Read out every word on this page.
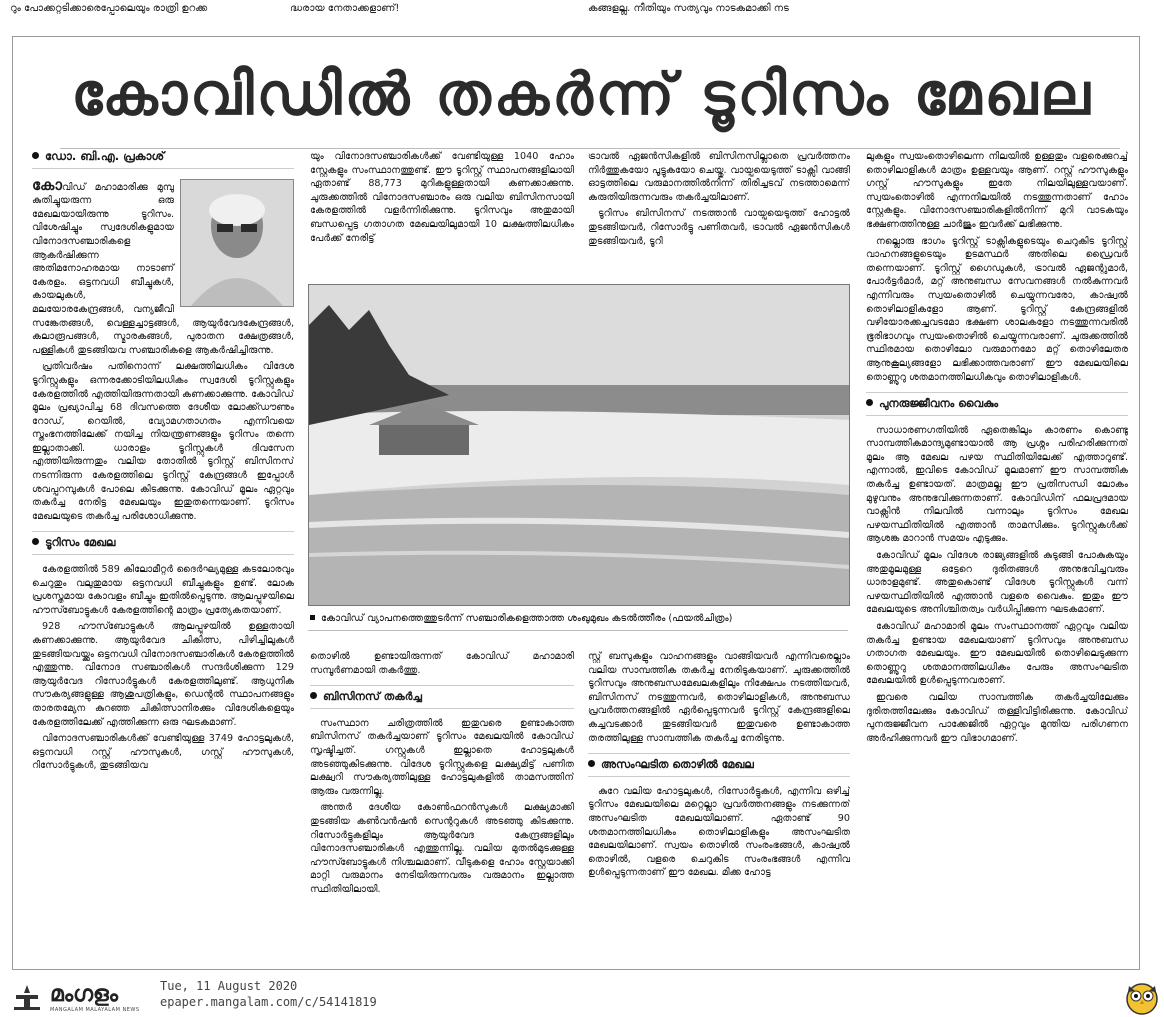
റും പോക്കറ്റടിക്കാരെപ്പോലെയും രാത്രി ഉറക്ക	ദ്ധരായ നേതാക്കളാണ്!	കങ്ങളല്ല. നീതിയും സത്യവും നാടകമാക്കി നട
കോവിഡിൽ തകർന്ന് ടൂറിസം മേഖല
ഡോ. ബി.എ. പ്രകാശ്

കോവിഡ് മഹാമാരിക്കു മുമ്പു കുതിച്ചുയരുന്ന ഒരു മേഖലയായിരുന്നു ടൂറിസം. വിശേഷിച്ചും സ്വദേശികളുമായ വിനോദസഞ്ചാരികളെ ആകർഷിക്കുന്ന അതിമനോഹരമായ നാടാണ് കേരളം. ഒട്ടനവധി ബീച്ചുകൾ, കായലുകൾ, മലയോരകേന്ദ്രങ്ങൾ, വന്യജീവി സങ്കേതങ്ങൾ, വെള്ളച്ചാട്ടങ്ങൾ, ആയുർവേദകേന്ദ്രങ്ങൾ, കലാരൂപങ്ങൾ, സ്മാരകങ്ങൾ, പുരാതന ക്ഷേത്രങ്ങൾ, പള്ളികൾ തുടങ്ങിയവ സഞ്ചാരികളെ ആകർഷിച്ചിരുന്നു.

പ്രതിവർഷം പതിനൊന്ന് ലക്ഷത്തിലധികം വിദേശ ടൂറിസ്റ്റുകളും ഒന്നരക്കോടിയിലധികം സ്വദേശി ടൂറിസ്റ്റുകളും കേരളത്തിൽ എത്തിയിരുന്നതായി കണക്കാക്കുന്നു. കോവിഡ് മൂലം പ്രഖ്യാപിച്ച 68 ദിവസത്തെ ദേശീയ ലോക്ക്ഡൗണും റോഡ്, റെയിൽ, വ്യോമഗതാഗതം എന്നിവയെ സ്തംഭനത്തിലേക്ക് നയിച്ച നിയന്ത്രണങ്ങളും ടൂറിസം തന്നെ ഇല്ലാതാക്കി. ധാരാളം ടൂറിസ്റ്റുകൾ ദിവസേന എത്തിയിരുന്നതും വലിയ തോതിൽ ടൂറിസ്റ്റ് ബിസിനസ് നടന്നിരുന്ന കേരളത്തിലെ ടൂറിസ്റ്റ് കേന്ദ്രങ്ങൾ ഇപ്പോൾ ശവപ്പറമ്പുകൾ പോലെ കിടക്കുന്നു. കോവിഡ് മൂലം ഏറ്റവും തകർച്ച നേരിട്ട മേഖലയും ഇതുതന്നെയാണ്. ടൂറിസം മേഖലയുടെ തകർച്ച പരിശോധിക്കുന്നു.

ടൂറിസം മേഖല

കേരളത്തിൽ 589 കിലോമീറ്റർ ദൈർഘ്യമുള്ള കടലോരവും ചെറുതും വലുതുമായ ഒട്ടനവധി ബീച്ചുകളും ഉണ്ട്. ലോക പ്രശസ്തമായ കോവളം ബീച്ചും ഇതിൽപ്പെടുന്നു. ആലപ്പുഴയിലെ ഹൗസ്ബോട്ടുകൾ കേരളത്തിന്റെ മാത്രം പ്രത്യേകതയാണ്.

928 ഹൗസ്ബോട്ടുകൾ ആലപ്പുഴയിൽ ഉള്ളതായി കണക്കാക്കുന്നു. ആയുർവേദ ചികിത്സ, പിഴിച്ചിലുകൾ തുടങ്ങിയവയ്ക്കും ഒട്ടനവധി വിനോദസഞ്ചാരികൾ കേരളത്തിൽ എത്തുന്നു. വിനോദ സഞ്ചാരികൾ സന്ദർശിക്കുന്ന 129 ആയുർവേദ റിസോർട്ടുകൾ കേരളത്തിലുണ്ട്. ആധുനിക സൗകര്യങ്ങളുള്ള ആശുപത്രികളും, ഡെന്റൽ സ്ഥാപനങ്ങളും താരതമ്യേന കുറഞ്ഞ ചികിത്സാനിരക്കും വിദേശികളെയും കേരളത്തിലേക്ക് എത്തിക്കുന്ന ഒരു ഘടകമാണ്.

വിനോദസഞ്ചാരികൾക്ക് വേണ്ടിയുള്ള 3749 ഹോട്ടലുകൾ, ഒട്ടനവധി റസ്റ്റ് ഹൗസുകൾ, ഗസ്റ്റ് ഹൗസുകൾ, റിസോർട്ടുകൾ, തുടങ്ങിയവ

യും വിനോദസഞ്ചാരികൾക്ക് വേണ്ടിയുള്ള 1040 ഹോം സ്റ്റേകളും സംസ്ഥാനത്തുണ്ട്. ഈ ടൂറിസ്റ്റ് സ്ഥാപനങ്ങളിലായി ഏതാണ്ട് 88,773 മുറികളുള്ളതായി കണക്കാക്കുന്നു. ചുരുക്കത്തിൽ വിനോദസഞ്ചാരം ഒരു വലിയ ബിസിനസായി കേരളത്തിൽ വളർന്നിരിക്കുന്നു. ടൂറിസവും അതുമായി ബന്ധപ്പെട്ട ഗതാഗത മേഖലയിലുമായി 10 ലക്ഷത്തിലധികം പേർക്ക് നേരിട്ട്

ട്രാവൽ ഏജൻസികളിൽ ബിസിനസില്ലാതെ പ്രവർത്തനം നിർത്തുകയോ പൂട്ടുകയോ ചെയ്തു. വായ്പയെടുത്ത് ടാക്സി വാങ്ങി ഓട്ടത്തിലെ വരുമാനത്തിൽനിന്ന് തിരിച്ചടവ് നടത്താമെന്ന് കരുതിയിരുന്നവരും തകർച്ചയിലാണ്.

ടൂറിസം ബിസിനസ് നടത്താൻ വായ്പയെടുത്ത് ഹോട്ടൽ തുടങ്ങിയവർ, റിസോർട്ടു പണിതവർ, ട്രാവൽ ഏജൻസികൾ തുടങ്ങിയവർ, ടൂറി

കോവിഡ് വ്യാപനത്തെത്തുടർന്ന് സഞ്ചാരികളെത്താത്ത ശംഖുമുഖം കടൽത്തീരം (ഫയൽചിത്രം)

തൊഴിൽ ഉണ്ടായിരുന്നത് കോവിഡ് മഹാമാരി സമ്പൂർണമായി തകർത്തു.

ബിസിനസ് തകർച്ച

സംസ്ഥാന ചരിത്രത്തിൽ ഇതുവരെ ഉണ്ടാകാത്ത ബിസിനസ് തകർച്ചയാണ് ടൂറിസം മേഖലയിൽ കോവിഡ് സൃഷ്ടിച്ചത്. ഗസ്റ്റുകൾ ഇല്ലാതെ ഹോട്ടലുകൾ അടഞ്ഞുകിടക്കുന്നു. വിദേശ ടൂറിസ്റ്റുകളെ ലക്ഷ്യമിട്ട് പണിത ലക്ഷ്വറി സൗകര്യത്തിലുള്ള ഹോട്ടലുകളിൽ താമസത്തിന് ആരും വരുന്നില്ല.

അന്തർ ദേശീയ കോൺഫറൻസുകൾ ലക്ഷ്യമാക്കി തുടങ്ങിയ കൺവൻഷൻ സെന്ററുകൾ അടഞ്ഞു കിടക്കുന്നു. റിസോർട്ടുകളിലും ആയുർവേദ കേന്ദ്രങ്ങളിലും വിനോദസഞ്ചാരികൾ എത്തുന്നില്ല. വലിയ മുതൽമുടക്കുള്ള ഹൗസ്ബോട്ടുകൾ നിശ്ചലമാണ്. വീടുകളെ ഹോം സ്റ്റേയാക്കി മാറ്റി വരുമാനം നേടിയിരുന്നവരും വരുമാനം ഇല്ലാത്ത സ്ഥിതിയിലായി.

സ്റ്റ് ബസുകളും വാഹനങ്ങളും വാങ്ങിയവർ എന്നിവരെല്ലാം വലിയ സാമ്പത്തിക തകർച്ച നേരിടുകയാണ്. ചുരുക്കത്തിൽ ടൂറിസവും അനുബന്ധമേഖലകളിലും നിക്ഷേപം നടത്തിയവർ, ബിസിനസ് നടത്തുന്നവർ, തൊഴിലാളികൾ, അനുബന്ധ പ്രവർത്തനങ്ങളിൽ ഏർപ്പെടുന്നവർ ടൂറിസ്റ്റ് കേന്ദ്രങ്ങളിലെ കച്ചവടക്കാർ തുടങ്ങിയവർ ഇതുവരെ ഉണ്ടാകാത്ത തരത്തിലുള്ള സാമ്പത്തിക തകർച്ച നേരിടുന്നു.

അസംഘടിത തൊഴിൽ മേഖല

കുറേ വലിയ ഹോട്ടലുകൾ, റിസോർട്ടുകൾ, എന്നിവ ഒഴിച്ച് ടൂറിസം മേഖലയിലെ മറ്റെല്ലാ പ്രവർത്തനങ്ങളും നടക്കുന്നത് അസംഘടിത മേഖലയിലാണ്. ഏതാണ്ട് 90 ശതമാനത്തിലധികം തൊഴിലാളികളും അസംഘടിത മേഖലയിലാണ്. സ്വയം തൊഴിൽ സംരംഭങ്ങൾ, കാഷ്വൽ തൊഴിൽ, വളരെ ചെറുകിട സംരംഭങ്ങൾ എന്നിവ ഉൾപ്പെടുന്നതാണ് ഈ മേഖല. മിക്ക ഹോട്ട

ലുകളും സ്വയംതൊഴിലെന്ന നിലയിൽ ഉള്ളതും വളരെക്കുറച്ച് തൊഴിലാളികൾ മാത്രം ഉള്ളവയും ആണ്. റസ്റ്റ് ഹൗസുകളും ഗസ്റ്റ് ഹൗസുകളും ഇതേ നിലയിലുള്ളവയാണ്. സ്വയംതൊഴിൽ എന്നനിലയിൽ നടത്തുന്നതാണ് ഹോം സ്റ്റേകളും. വിനോദസഞ്ചാരികളിൽനിന്ന് മുറി വാടകയും ഭക്ഷണത്തിനുള്ള ചാർജും ഇവർക്ക് ലഭിക്കുന്നു.

നല്ലൊരു ഭാഗം ടൂറിസ്റ്റ് ടാക്സികളുടെയും ചെറുകിട ടൂറിസ്റ്റ് വാഹനങ്ങളുടെയും ഉടമസ്ഥർ അതിലെ ഡ്രൈവർ തന്നെയാണ്. ടൂറിസ്റ്റ് ഗൈഡുകൾ, ട്രാവൽ ഏജന്റുമാർ, പോർട്ടർമാർ, മറ്റ് അനുബന്ധ സേവനങ്ങൾ നൽകുന്നവർ എന്നിവരും സ്വയംതൊഴിൽ ചെയ്യുന്നവരോ, കാഷ്വൽ തൊഴിലാളികളോ ആണ്. ടൂറിസ്റ്റ് കേന്ദ്രങ്ങളിൽ വഴിയോരക്കച്ചവടമോ ഭക്ഷണ ശാലകളോ നടത്തുന്നവരിൽ ഭൂരിഭാഗവും സ്വയംതൊഴിൽ ചെയ്യുന്നവരാണ്. ചുരുക്കത്തിൽ സ്ഥിരമായ തൊഴിലോ വരുമാനമോ മറ്റ് തൊഴിലേതര ആനുകൂല്യങ്ങളോ ലഭിക്കാത്തവരാണ് ഈ മേഖലയിലെ തൊണ്ണൂറു ശതമാനത്തിലധികവും തൊഴിലാളികൾ.

പുനരുജ്ജീവനം വൈകും

സാധാരണഗതിയിൽ ഏതെങ്കിലും കാരണം കൊണ്ടു സാമ്പത്തികമാന്ദ്യമുണ്ടായാൽ ആ പ്രശ്നം പരിഹരിക്കുന്നത് മൂലം ആ മേഖല പഴയ സ്ഥിതിയിലേക്ക് എത്താറുണ്ട്. എന്നാൽ, ഇവിടെ കോവിഡ് മൂലമാണ് ഈ സാമ്പത്തിക തകർച്ച ഉണ്ടായത്. മാത്രമല്ല ഈ പ്രതിസന്ധി ലോകം മുഴുവനും അനുഭവിക്കുന്നതാണ്. കോവിഡിന് ഫലപ്രദമായ വാക്സിൻ നിലവിൽ വന്നാലും ടൂറിസം മേഖല പഴയസ്ഥിതിയിൽ എത്താൻ താമസിക്കും. ടൂറിസ്റ്റുകൾക്ക് ആശങ്ക മാറാൻ സമയം എടുക്കും.

കോവിഡ് മൂലം വിദേശ രാജ്യങ്ങളിൽ കുടുങ്ങി പോകുകയും അതുമൂലമുള്ള ഒട്ടേറെ ദുരിതങ്ങൾ അനുഭവിച്ചവരും ധാരാളമുണ്ട്. അതുകൊണ്ട് വിദേശ ടൂറിസ്റ്റുകൾ വന്ന് പഴയസ്ഥിതിയിൽ എത്താൻ വളരെ വൈകും. ഇതും ഈ മേഖലയുടെ അനിശ്ചിതത്വം വർധിപ്പിക്കുന്ന ഘടകമാണ്.

കോവിഡ് മഹാമാരി മൂലം സംസ്ഥാനത്ത് ഏറ്റവും വലിയ തകർച്ച ഉണ്ടായ മേഖലയാണ് ടൂറിസവും അനുബന്ധ ഗതാഗത മേഖലയും. ഈ മേഖലയിൽ തൊഴിലെടുക്കുന്ന തൊണ്ണൂറു ശതമാനത്തിലധികം പേരും അസംഘടിത മേഖലയിൽ ഉൾപ്പെടുന്നവരാണ്.

ഇവരെ വലിയ സാമ്പത്തിക തകർച്ചയിലേക്കും ദുരിതത്തിലേക്കും കോവിഡ് തള്ളിവിട്ടിരിക്കുന്നു. കോവിഡ് പുനരുജ്ജീവന പാക്കേജിൽ ഏറ്റവും മുന്തിയ പരിഗണന അർഹിക്കുന്നവർ ഈ വിഭാഗമാണ്.

മംഗളം
MANGALAM MALAYALAM NEWS
Tue, 11 August 2020
epaper.mangalam.com/c/54141819
